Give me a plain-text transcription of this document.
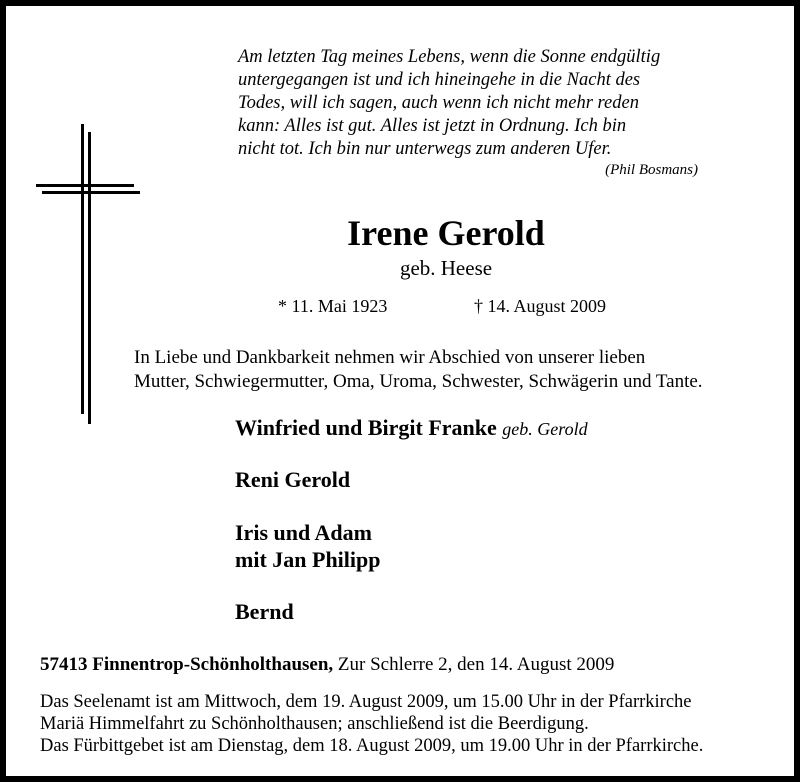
Am letzten Tag meines Lebens, wenn die Sonne endgültig
untergegangen ist und ich hineingehe in die Nacht des
Todes, will ich sagen, auch wenn ich nicht mehr reden
kann: Alles ist gut. Alles ist jetzt in Ordnung. Ich bin
nicht tot. Ich bin nur unterwegs zum anderen Ufer.
(Phil Bosmans)
Irene Gerold
geb. Heese
* 11. Mai 1923	† 14. August 2009
In Liebe und Dankbarkeit nehmen wir Abschied von unserer lieben
Mutter, Schwiegermutter, Oma, Uroma, Schwester, Schwägerin und Tante.
Winfried und Birgit Franke geb. Gerold
Reni Gerold
Iris und Adam
mit Jan Philipp
Bernd
57413 Finnentrop-Schönholthausen, Zur Schlerre 2, den 14. August 2009
Das Seelenamt ist am Mittwoch, dem 19. August 2009, um 15.00 Uhr in der Pfarrkirche
Mariä Himmelfahrt zu Schönholthausen; anschließend ist die Beerdigung.
Das Fürbittgebet ist am Dienstag, dem 18. August 2009, um 19.00 Uhr in der Pfarrkirche.
